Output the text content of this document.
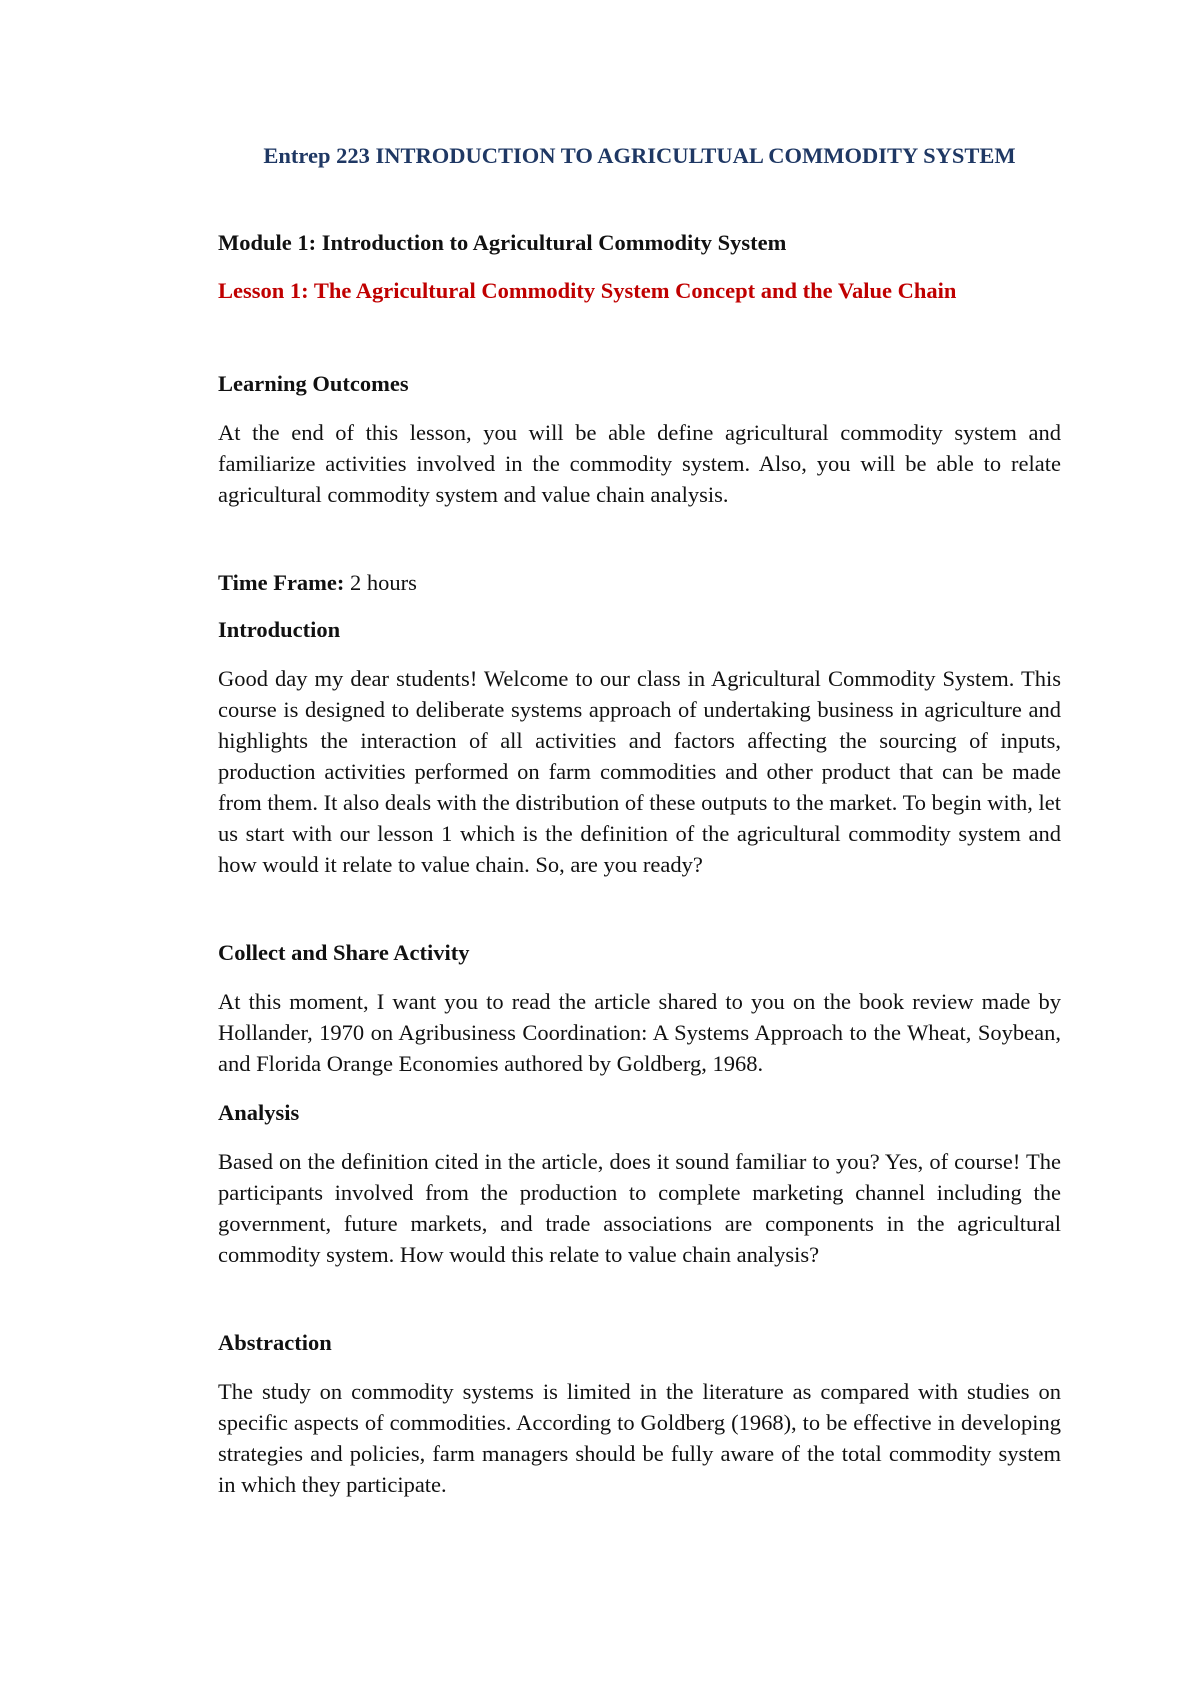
Entrep 223 INTRODUCTION TO AGRICULTUAL COMMODITY SYSTEM
Module 1: Introduction to Agricultural Commodity System
Lesson 1: The Agricultural Commodity System Concept and the Value Chain
Learning Outcomes

At the end of this lesson, you will be able define agricultural commodity system and familiarize activities involved in the commodity system. Also, you will be able to relate agricultural commodity system and value chain analysis.

Time Frame: 2 hours

Introduction

Good day my dear students! Welcome to our class in Agricultural Commodity System. This course is designed to deliberate systems approach of undertaking business in agriculture and highlights the interaction of all activities and factors affecting the sourcing of inputs, production activities performed on farm commodities and other product that can be made from them. It also deals with the distribution of these outputs to the market. To begin with, let us start with our lesson 1 which is the definition of the agricultural commodity system and how would it relate to value chain. So, are you ready?

Collect and Share Activity

At this moment, I want you to read the article shared to you on the book review made by Hollander, 1970 on Agribusiness Coordination: A Systems Approach to the Wheat, Soybean, and Florida Orange Economies authored by Goldberg, 1968.

Analysis

Based on the definition cited in the article, does it sound familiar to you? Yes, of course! The participants involved from the production to complete marketing channel including the government, future markets, and trade associations are components in the agricultural commodity system. How would this relate to value chain analysis?

Abstraction

The study on commodity systems is limited in the literature as compared with studies on specific aspects of commodities. According to Goldberg (1968), to be effective in developing strategies and policies, farm managers should be fully aware of the total commodity system in which they participate.
